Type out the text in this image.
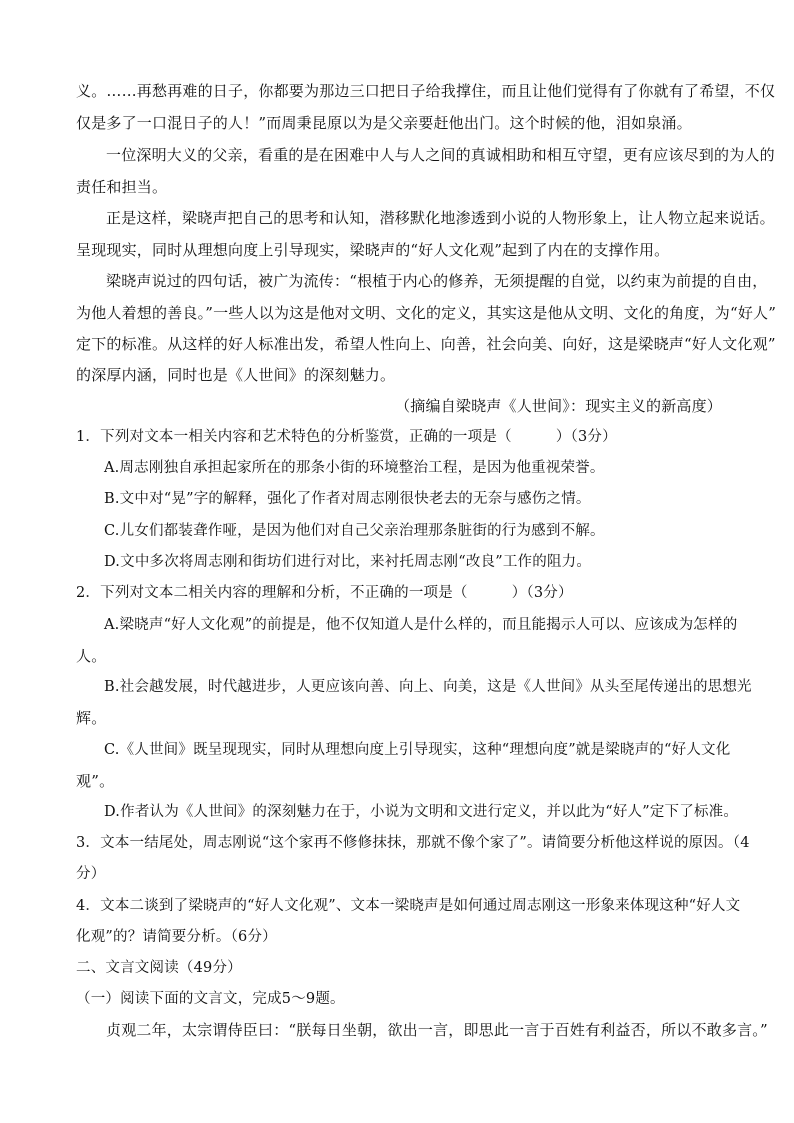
义。……再愁再难的日子，你都要为那边三口把日子给我撑住，而且让他们觉得有了你就有了希望，不仅
仅是多了一口混日子的人！”而周秉昆原以为是父亲要赶他出门。这个时候的他，泪如泉涌。
一位深明大义的父亲，看重的是在困难中人与人之间的真诚相助和相互守望，更有应该尽到的为人的
责任和担当。
正是这样，梁晓声把自己的思考和认知，潜移默化地渗透到小说的人物形象上，让人物立起来说话。
呈现现实，同时从理想向度上引导现实，梁晓声的“好人文化观”起到了内在的支撑作用。
梁晓声说过的四句话，被广为流传：“根植于内心的修养，无须提醒的自觉，以约束为前提的自由，
为他人着想的善良。”一些人以为这是他对文明、文化的定义，其实这是他从文明、文化的角度，为“好人”
定下的标准。从这样的好人标准出发，希望人性向上、向善，社会向美、向好，这是梁晓声“好人文化观”
的深厚内涵，同时也是《人世间》的深刻魅力。
（摘编自梁晓声《人世间》：现实主义的新高度）
1．下列对文本一相关内容和艺术特色的分析鉴赏，正确的一项是（　　　）（3分）
A.周志刚独自承担起家所在的那条小街的环境整治工程，是因为他重视荣誉。
B.文中对“晃”字的解释，强化了作者对周志刚很快老去的无奈与感伤之情。
C.儿女们都装聋作哑，是因为他们对自己父亲治理那条脏街的行为感到不解。
D.文中多次将周志刚和街坊们进行对比，来衬托周志刚“改良”工作的阻力。
2．下列对文本二相关内容的理解和分析，不正确的一项是（　　　）（3分）
A.梁晓声“好人文化观”的前提是，他不仅知道人是什么样的，而且能揭示人可以、应该成为怎样的
人。
B.社会越发展，时代越进步，人更应该向善、向上、向美，这是《人世间》从头至尾传递出的思想光
辉。
C.《人世间》既呈现现实，同时从理想向度上引导现实，这种“理想向度”就是梁晓声的“好人文化
观”。
D.作者认为《人世间》的深刻魅力在于，小说为文明和文进行定义，并以此为“好人”定下了标准。
3．文本一结尾处，周志刚说“这个家再不修修抹抹，那就不像个家了”。请简要分析他这样说的原因。（4
分）
4．文本二谈到了梁晓声的“好人文化观”、文本一梁晓声是如何通过周志刚这一形象来体现这种“好人文
化观”的？请简要分析。（6分）
二、文言文阅读（49分）
（一）阅读下面的文言文，完成5～9题。
贞观二年，太宗谓侍臣曰：“朕每日坐朝，欲出一言，即思此一言于百姓有利益否，所以不敢多言。”
